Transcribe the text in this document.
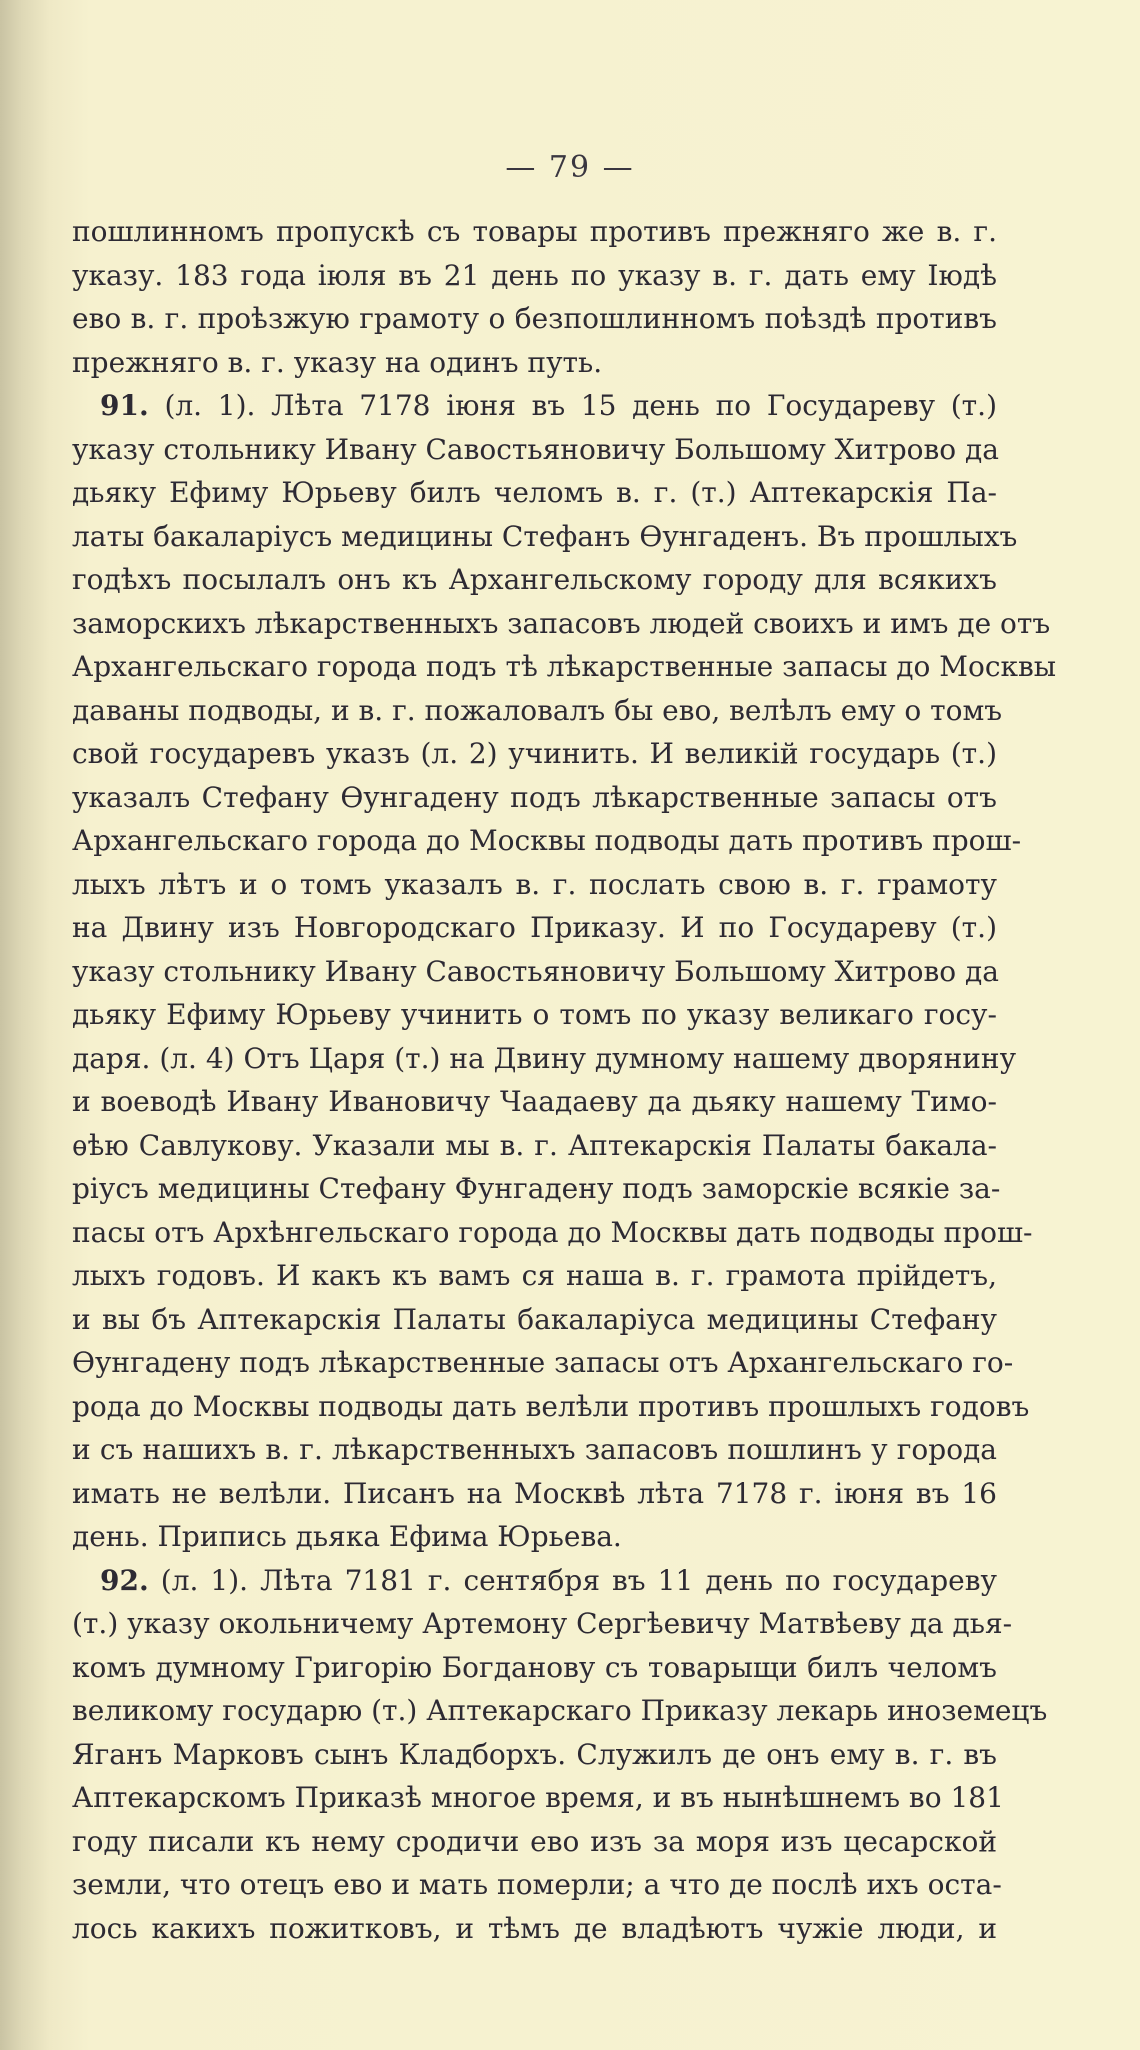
— 79 —
пошлинномъ пропускѣ съ товары противъ прежняго же в. г.
указу. 183 года iюля въ 21 день по указу в. г. дать ему Iюдѣ
ево в. г. проѣзжую грамоту о безпошлинномъ поѣздѣ противъ
прежняго в. г. указу на одинъ путь.
91. (л. 1). Лѣта 7178 iюня въ 15 день по Государеву (т.)
указу стольнику Ивану Савостьяновичу Большому Хитрово да
дьяку Ефиму Юрьеву билъ челомъ в. г. (т.) Аптекарскiя Па-
латы бакаларiусъ медицины Стефанъ Ѳунгаденъ. Въ прошлыхъ
годѣхъ посылалъ онъ къ Архангельскому городу для всякихъ
заморскихъ лѣкарственныхъ запасовъ людей своихъ и имъ де отъ
Архангельскаго города подъ тѣ лѣкарственные запасы до Москвы
даваны подводы, и в. г. пожаловалъ бы ево, велѣлъ ему о томъ
свой государевъ указъ (л. 2) учинить. И великiй государь (т.)
указалъ Стефану Ѳунгадену подъ лѣкарственные запасы отъ
Архангельскаго города до Москвы подводы дать противъ прош-
лыхъ лѣтъ и о томъ указалъ в. г. послать свою в. г. грамоту
на Двину изъ Новгородскаго Приказу. И по Государеву (т.)
указу стольнику Ивану Савостьяновичу Большому Хитрово да
дьяку Ефиму Юрьеву учинить о томъ по указу великаго госу-
даря. (л. 4) Отъ Царя (т.) на Двину думному нашему дворянину
и воеводѣ Ивану Ивановичу Чаадаеву да дьяку нашему Тимо-
ѳѣю Савлукову. Указали мы в. г. Аптекарскiя Палаты бакала-
рiусъ медицины Стефану Фунгадену подъ заморскiе всякiе за-
пасы отъ Архѣнгельскаго города до Москвы дать подводы прош-
лыхъ годовъ. И какъ къ вамъ ся наша в. г. грамота прiйдетъ,
и вы бъ Аптекарскiя Палаты бакаларiуса медицины Стефану
Ѳунгадену подъ лѣкарственные запасы отъ Архангельскаго го-
рода до Москвы подводы дать велѣли противъ прошлыхъ годовъ
и съ нашихъ в. г. лѣкарственныхъ запасовъ пошлинъ у города
имать не велѣли. Писанъ на Москвѣ лѣта 7178 г. iюня въ 16
день. Припись дьяка Ефима Юрьева.
92. (л. 1). Лѣта 7181 г. сентября въ 11 день по государеву
(т.) указу окольничему Артемону Сергѣевичу Матвѣеву да дья-
комъ думному Григорiю Богданову съ товарыщи билъ челомъ
великому государю (т.) Аптекарскаго Приказу лекарь иноземецъ
Яганъ Марковъ сынъ Кладборхъ. Служилъ де онъ ему в. г. въ
Аптекарскомъ Приказѣ многое время, и въ нынѣшнемъ во 181
году писали къ нему сродичи ево изъ за моря изъ цесарской
земли, что отецъ ево и мать померли; а что де послѣ ихъ оста-
лось какихъ пожитковъ, и тѣмъ де владѣютъ чужiе люди, и
